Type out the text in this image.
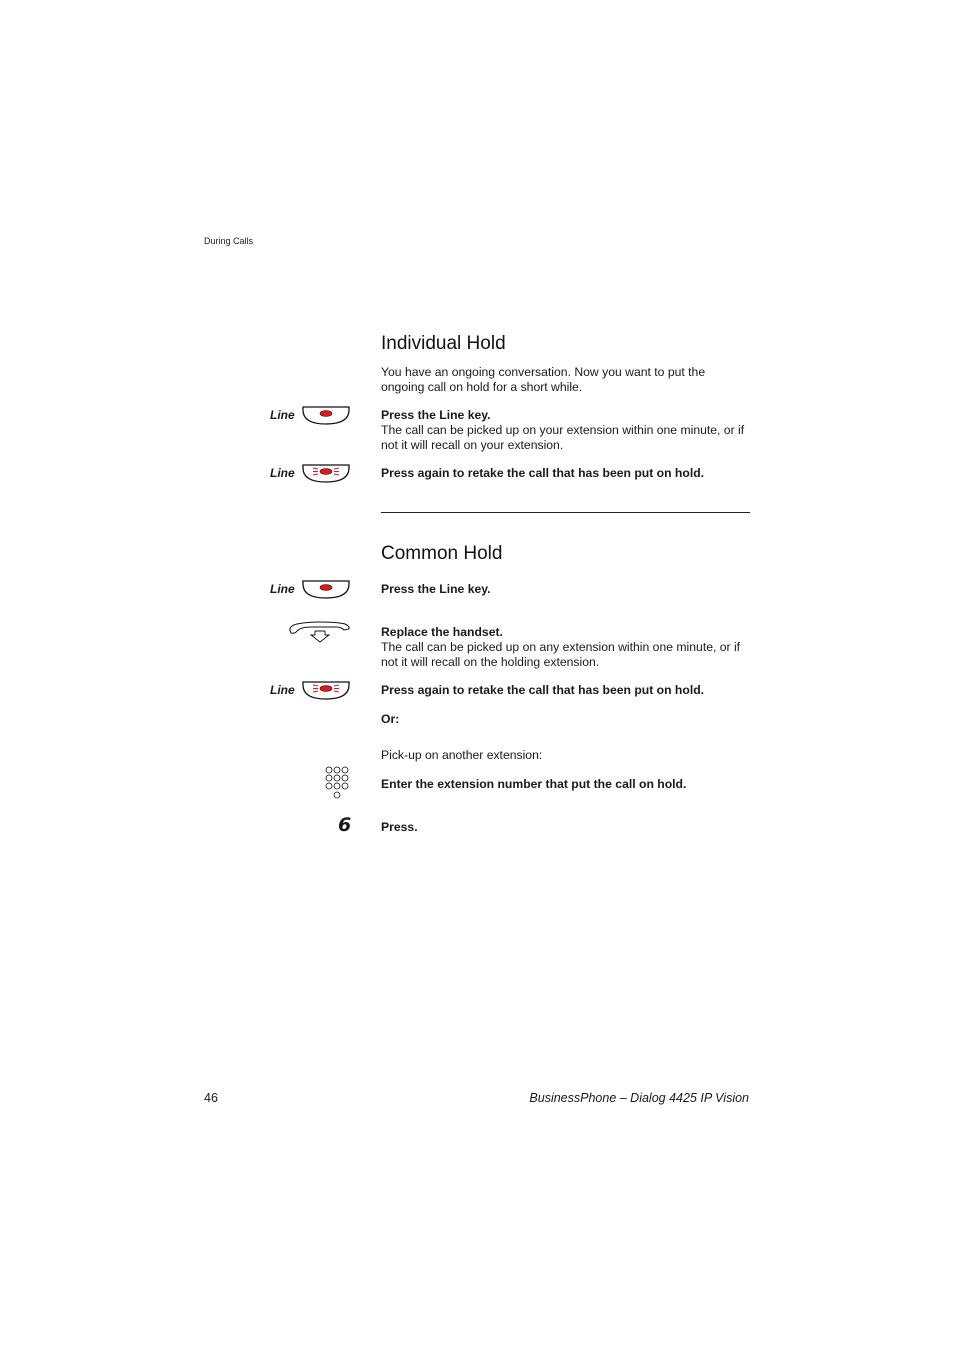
During Calls
Individual Hold
You have an ongoing conversation. Now you want to put the ongoing call on hold for a short while.
Line	Press the Line key.
The call can be picked up on your extension within one minute, or if not it will recall on your extension.
Line	Press again to retake the call that has been put on hold.
Common Hold
Line	Press the Line key.
Replace the handset.
The call can be picked up on any extension within one minute, or if not it will recall on the holding extension.
Line	Press again to retake the call that has been put on hold.
Or:
Pick-up on another extension:
Enter the extension number that put the call on hold.
6 Press.
46	BusinessPhone – Dialog 4425 IP Vision
